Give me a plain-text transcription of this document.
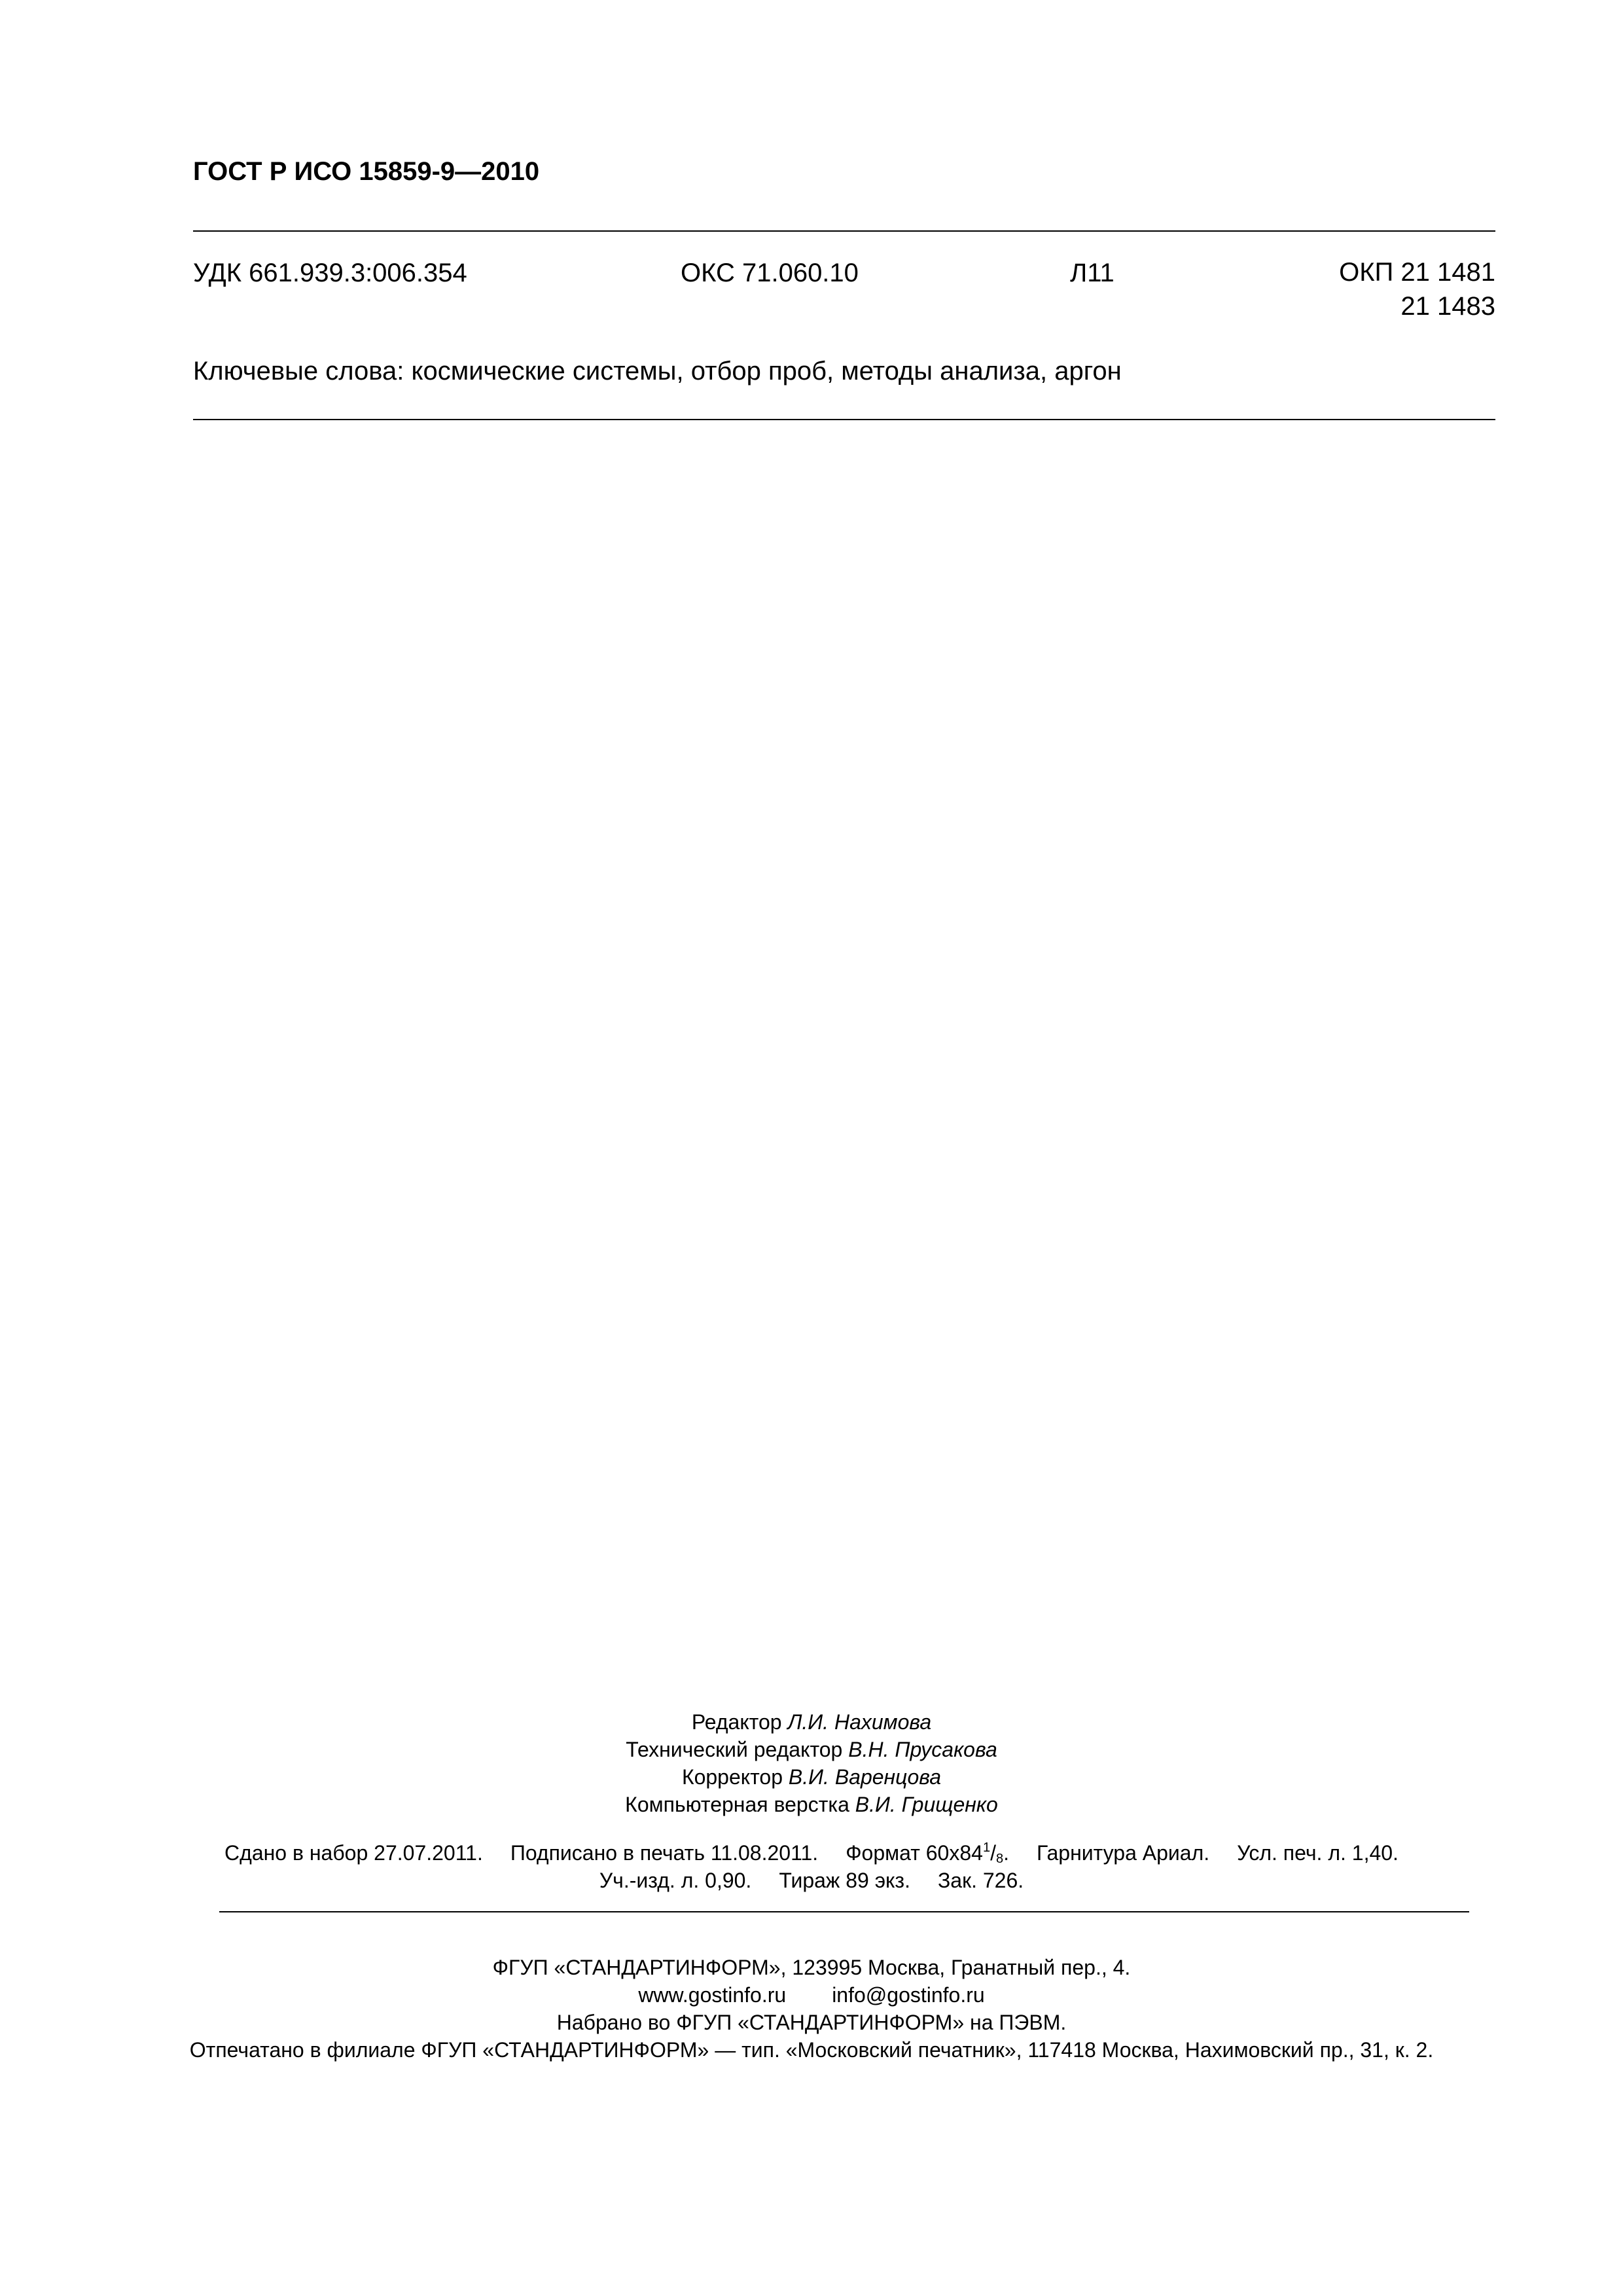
ГОСТ Р ИСО 15859-9—2010
УДК 661.939.3:006.354	ОКС 71.060.10	Л11	ОКП 21 1481
21 1483
Ключевые слова: космические системы, отбор проб, методы анализа, аргон
Редактор Л.И. Нахимова
Технический редактор В.Н. Прусакова
Корректор В.И. Варенцова
Компьютерная верстка В.И. Грищенко
Сдано в набор 27.07.2011. Подписано в печать 11.08.2011. Формат $60x84^1/_8$. Гарнитура Ариал. Усл. печ. л. 1,40.
Уч.-изд. л. 0,90. Тираж 89 экз. Зак. 726.
ФГУП «СТАНДАРТИНФОРМ», 123995 Москва, Гранатный пер., 4.
www.gostinfo.ru info@gostinfo.ru
Набрано во ФГУП «СТАНДАРТИНФОРМ» на ПЭВМ.
Отпечатано в филиале ФГУП «СТАНДАРТИНФОРМ» — тип. «Московский печатник», 117418 Москва, Нахимовский пр., 31, к. 2.
